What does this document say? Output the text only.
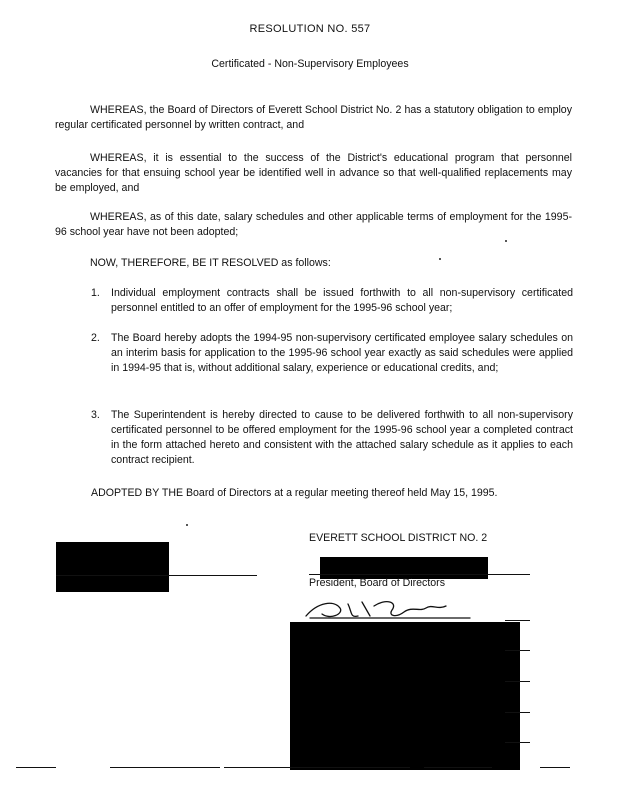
RESOLUTION NO. 557
Certificated - Non-Supervisory Employees
WHEREAS, the Board of Directors of Everett School District No. 2 has a statutory obligation to employ regular certificated personnel by written contract, and
WHEREAS, it is essential to the success of the District's educational program that personnel vacancies for that ensuing school year be identified well in advance so that well-qualified replacements may be employed, and
WHEREAS, as of this date, salary schedules and other applicable terms of employment for the 1995-96 school year have not been adopted;
NOW, THEREFORE, BE IT RESOLVED as follows:
1.	Individual employment contracts shall be issued forthwith to all non-supervisory certificated personnel entitled to an offer of employment for the 1995-96 school year;
2.	The Board hereby adopts the 1994-95 non-supervisory certificated employee salary schedules on an interim basis for application to the 1995-96 school year exactly as said schedules were applied in 1994-95 that is, without additional salary, experience or educational credits, and;
3.	The Superintendent is hereby directed to cause to be delivered forthwith to all non-supervisory certificated personnel to be offered employment for the 1995-96 school year a completed contract in the form attached hereto and consistent with the attached salary schedule as it applies to each contract recipient.
ADOPTED BY THE Board of Directors at a regular meeting thereof held May 15, 1995.
EVERETT SCHOOL DISTRICT NO. 2
President, Board of Directors
